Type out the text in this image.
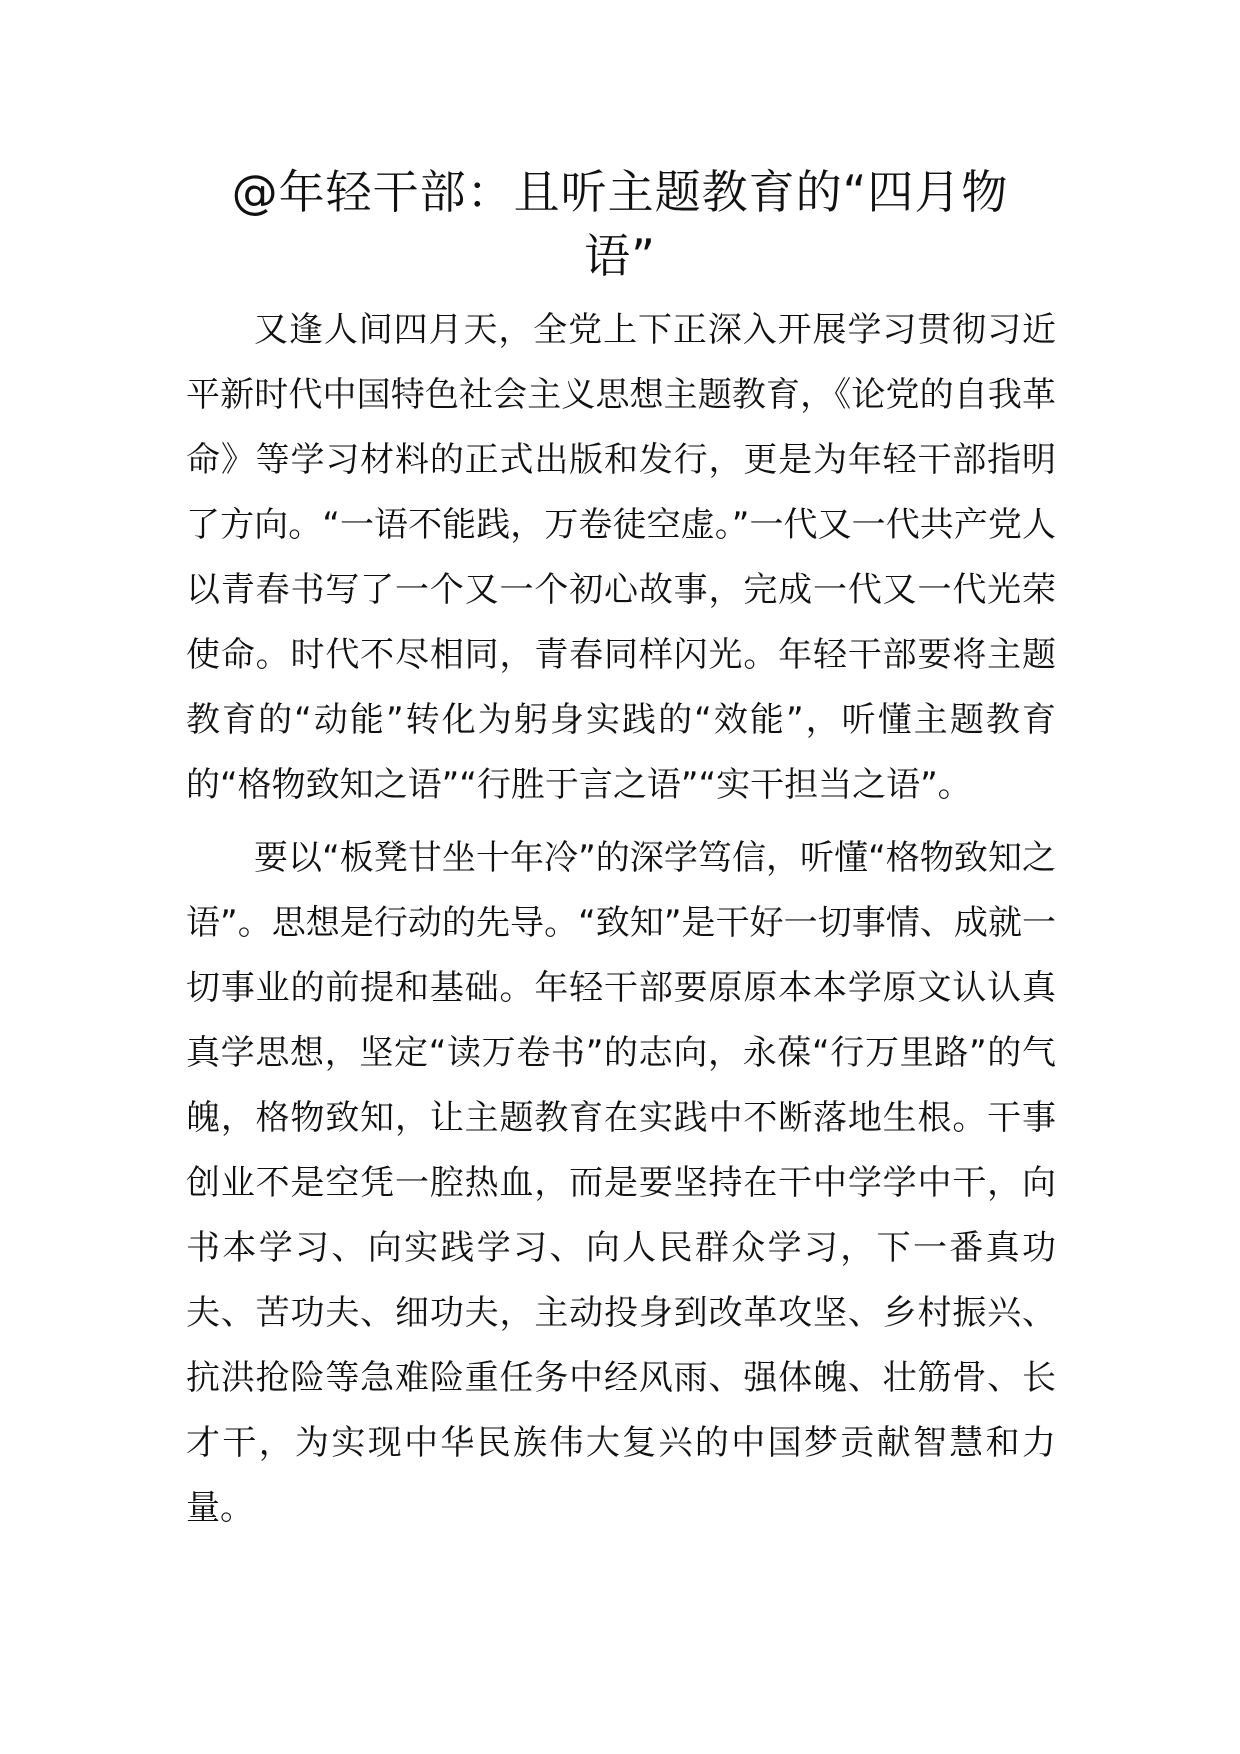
@年轻干部：且听主题教育的“四月物语”

又逢人间四月天，全党上下正深入开展学习贯彻习近平新时代中国特色社会主义思想主题教育，《论党的自我革命》等学习材料的正式出版和发行，更是为年轻干部指明了方向。“一语不能践，万卷徒空虚。”一代又一代共产党人以青春书写了一个又一个初心故事，完成一代又一代光荣使命。时代不尽相同，青春同样闪光。年轻干部要将主题教育的“动能”转化为躬身实践的“效能”，听懂主题教育的“格物致知之语”“行胜于言之语”“实干担当之语”。

要以“板凳甘坐十年冷”的深学笃信，听懂“格物致知之语”。思想是行动的先导。“致知”是干好一切事情、成就一切事业的前提和基础。年轻干部要原原本本学原文认认真真学思想，坚定“读万卷书”的志向，永葆“行万里路”的气魄，格物致知，让主题教育在实践中不断落地生根。干事创业不是空凭一腔热血，而是要坚持在干中学学中干，向书本学习、向实践学习、向人民群众学习，下一番真功夫、苦功夫、细功夫，主动投身到改革攻坚、乡村振兴、抗洪抢险等急难险重任务中经风雨、强体魄、壮筋骨、长才干，为实现中华民族伟大复兴的中国梦贡献智慧和力量。
